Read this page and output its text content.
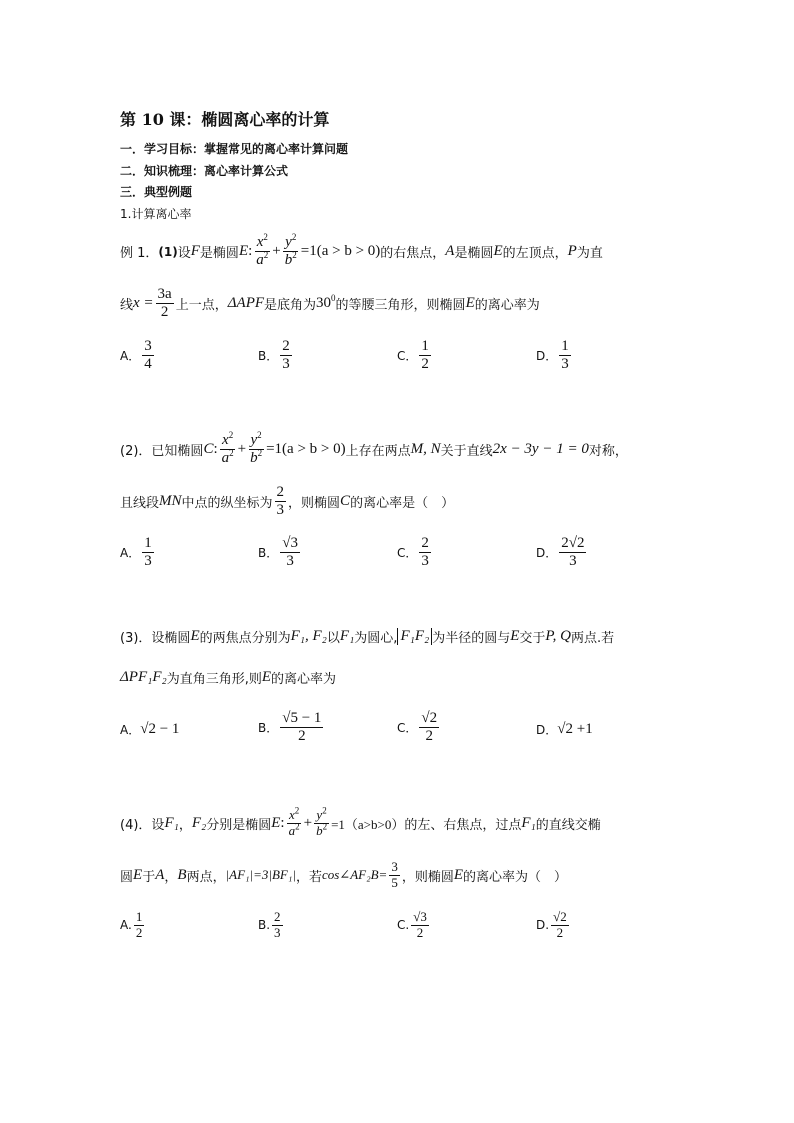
第 10 课：椭圆离心率的计算
一．学习目标：掌握常见的离心率计算问题
二．知识梳理：离心率计算公式
三．典型例题
1.计算离心率
例 1． (1) 设 F 是椭圆 E : $\frac{x^2}{a^2} + \frac{y^2}{b^2} =1(a > b > 0)$ 的右焦点， A 是椭圆 E 的左顶点， P 为直
线 $x = \frac{3a}{2}$ 上一点， ΔAPF 是底角为 $30^0$ 的等腰三角形，则椭圆 E 的离心率为
A． $\frac{3}{4}$	B． $\frac{2}{3}$	C． $\frac{1}{2}$	D． $\frac{1}{3}$
(2)． 已知椭圆 C : $\frac{x^2}{a^2} + \frac{y^2}{b^2} =1(a > b > 0)$ 上存在两点 M, N 关于直线 2x − 3y − 1 = 0 对称，
且线段 MN 中点的纵坐标为 $\frac{2}{3}$ ，则椭圆 C 的离心率是（　）
A． $\frac{1}{3}$	B． $\frac{√3}{3}$	C． $\frac{2}{3}$	D． $\frac{2√2}{3}$
(3)． 设椭圆 E 的两焦点分别为 F₁, F₂ 以 F₁ 为圆心, F₁F₂ 为半径的圆与 E 交于 P, Q 两点.若
ΔPF₁F₂ 为直角三角形,则 E 的离心率为
A． √2 − 1	B． $\frac{√5 - 1}{2}$	C． $\frac{√2}{2}$	D． √2 +1
(4)． 设 F₁ ， F₂ 分别是椭圆 E : $\frac{x^2}{a^2} + \frac{y^2}{b^2} =1(a>b>0)$ 的左、右焦点，过点 F₁ 的直线交椭
圆 E 于 A ， B 两点， |AF₁|=3|BF₁| ，若 cos∠AF₂B= $\frac{3}{5}$ ，则椭圆 E 的离心率为（　）
A. $\frac{1}{2}$	B. $\frac{2}{3}$	C. $\frac{√3}{2}$	D. $\frac{√2}{2}$
